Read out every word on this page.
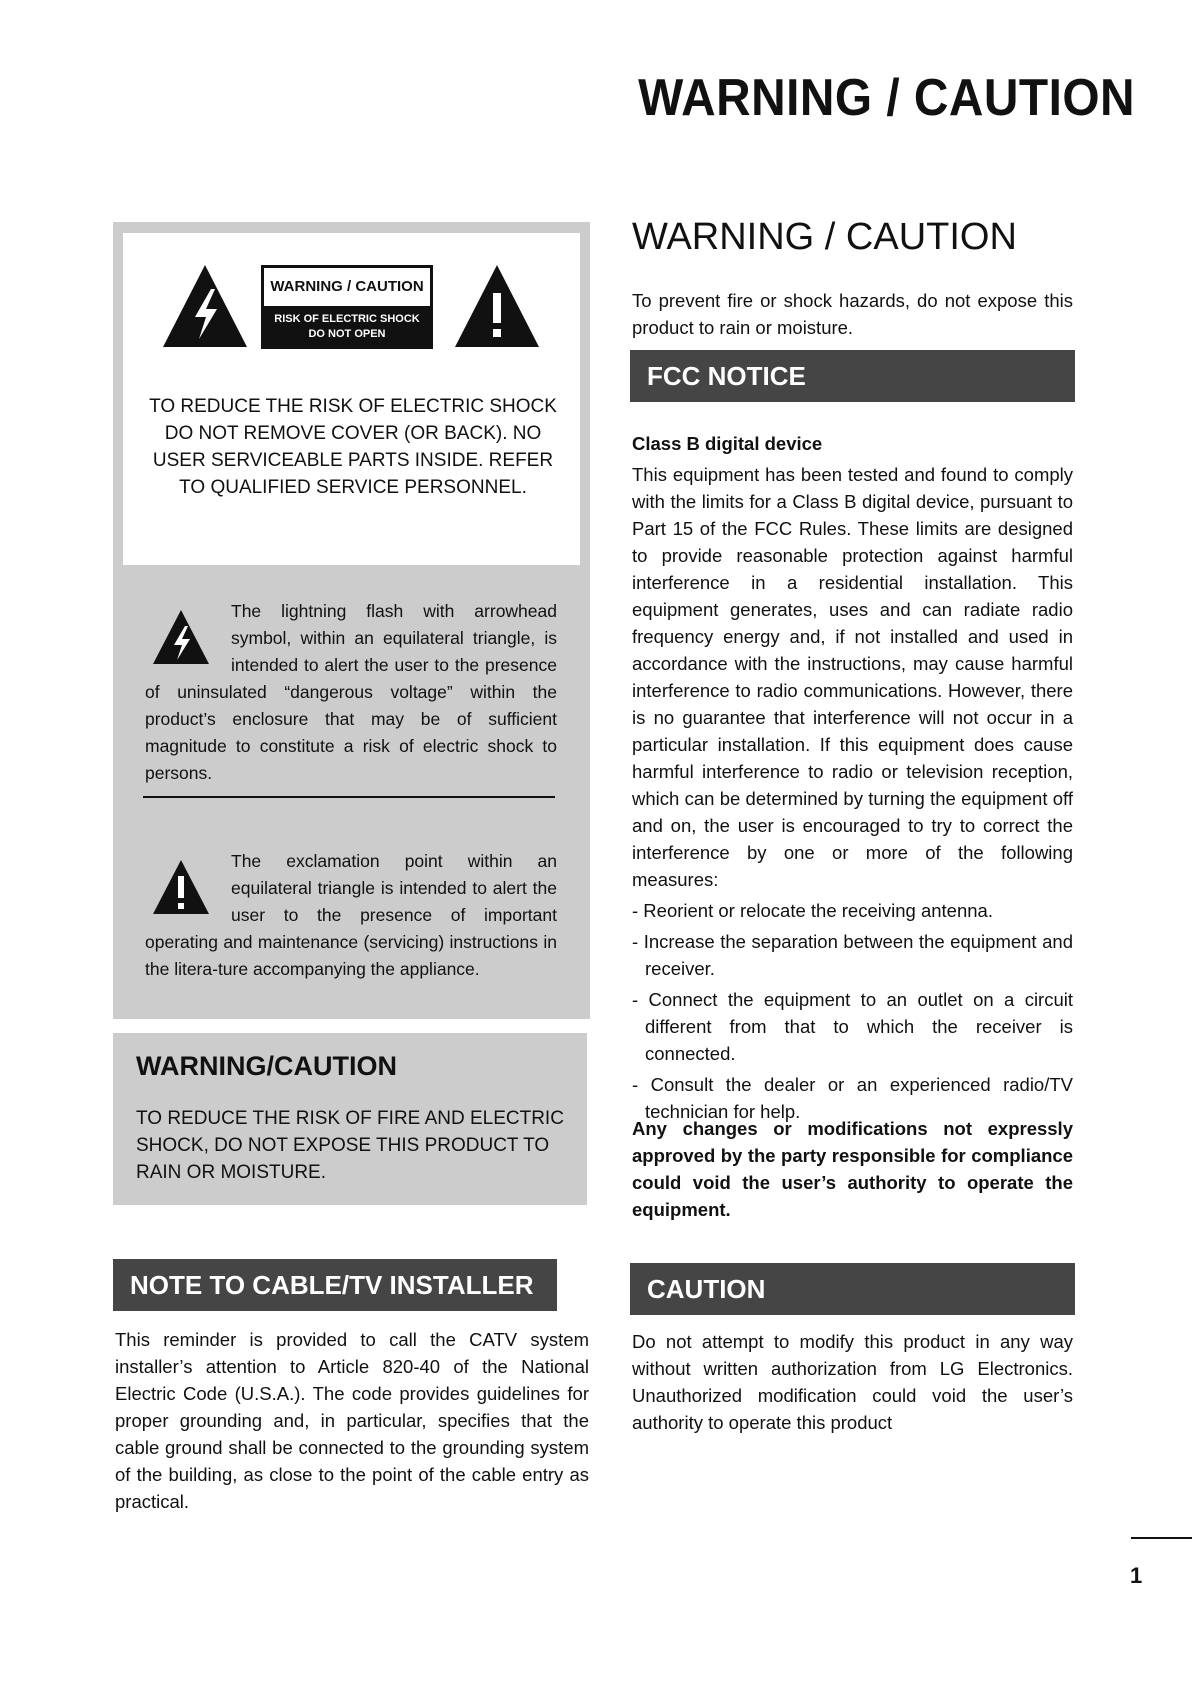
WARNING / CAUTION
WARNING / CAUTION
RISK OF ELECTRIC SHOCK
DO NOT OPEN

TO REDUCE THE RISK OF ELECTRIC SHOCK DO NOT REMOVE COVER (OR BACK). NO USER SERVICEABLE PARTS INSIDE. REFER TO QUALIFIED SERVICE PERSONNEL.

The lightning flash with arrowhead symbol, within an equilateral triangle, is intended to alert the user to the presence of uninsulated “dangerous voltage” within the product’s enclosure that may be of sufficient magnitude to constitute a risk of electric shock to persons.
The exclamation point within an equilateral triangle is intended to alert the user to the presence of important operating and maintenance (servicing) instructions in the litera-ture accompanying the appliance.
WARNING/CAUTION

TO REDUCE THE RISK OF FIRE AND ELECTRIC SHOCK, DO NOT EXPOSE THIS PRODUCT TO RAIN OR MOISTURE.

NOTE TO CABLE/TV INSTALLER

This reminder is provided to call the CATV system installer’s attention to Article 820-40 of the National Electric Code (U.S.A.). The code provides guidelines for proper grounding and, in particular, specifies that the cable ground shall be connected to the grounding system of the building, as close to the point of the cable entry as practical.

WARNING / CAUTION

To prevent fire or shock hazards, do not expose this product to rain or moisture.

FCC NOTICE
Class B digital device
This equipment has been tested and found to comply with the limits for a Class B digital device, pursuant to Part 15 of the FCC Rules. These limits are designed to provide reasonable protection against harmful interference in a residential installation. This equipment generates, uses and can radiate radio frequency energy and, if not installed and used in accordance with the instructions, may cause harmful interference to radio communications. However, there is no guarantee that interference will not occur in a particular installation. If this equipment does cause harmful interference to radio or television reception, which can be determined by turning the equipment off and on, the user is encouraged to try to correct the interference by one or more of the following measures:
- Reorient or relocate the receiving antenna.
- Increase the separation between the equipment and receiver.
- Connect the equipment to an outlet on a circuit different from that to which the receiver is connected.
- Consult the dealer or an experienced radio/TV technician for help.

Any changes or modifications not expressly approved by the party responsible for compliance could void the user’s authority to operate the equipment.

CAUTION

Do not attempt to modify this product in any way without written authorization from LG Electronics. Unauthorized modification could void the user’s authority to operate this product

1
